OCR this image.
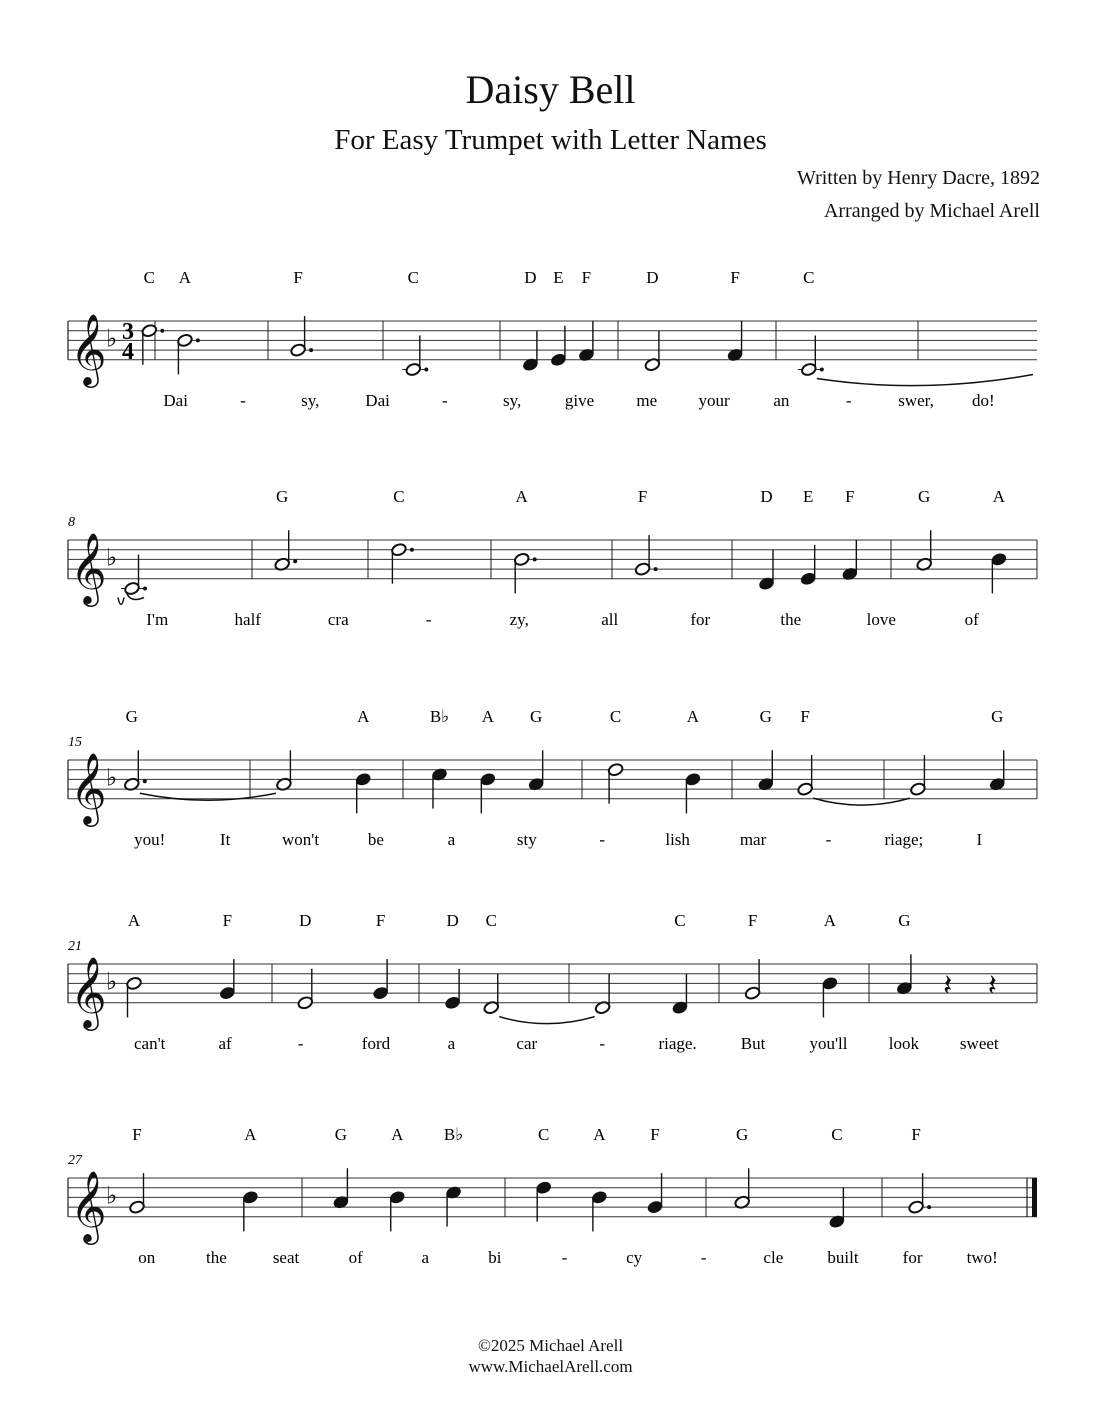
Daisy Bell
For Easy Trumpet with Letter Names
Written by Henry Dacre, 1892
Arranged by Michael Arell
𝄞 ♭ 3
4
C A	F	C	D E F	D	F	C
Dai	-	sy,	Dai	-	sy,	give me your	an	-	swer, do!
𝄞 ♭
8
G	C	A	F	D E F	G	A
I'm	half	cra	-	zy,	all	for	the	love	of
𝄞 ♭
15
G	A	B♭ A G	C	A	G F	G
you!	It	won't	be	a	sty	-	lish	mar	-	riage;	I
𝄞 ♭
21
A	F	D	F	D C	C	F	A	G
𝄽 𝄽
can't	af	-	ford	a	car	-	riage.	But	you'll look sweet
𝄞 ♭
27
F	A	G	A B♭	C	A	F	G	C	F
on	the	seat	of	a	bi	-	cy	-	cle	built	for	two!
©2025 Michael Arell
www.MichaelArell.com
